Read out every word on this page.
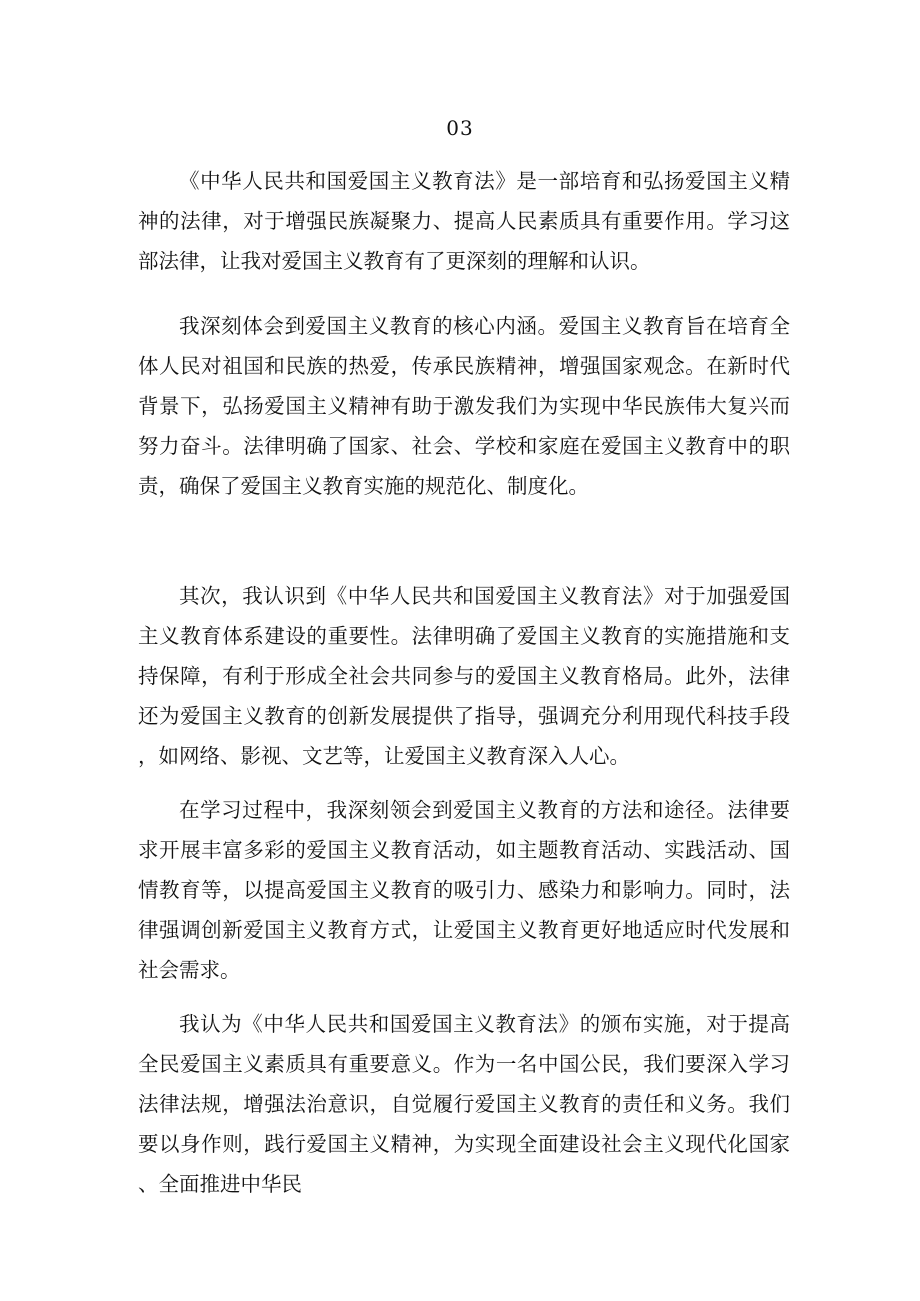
03

《中华人民共和国爱国主义教育法》是一部培育和弘扬爱国主义精神的法律，对于增强民族凝聚力、提高人民素质具有重要作用。学习这部法律，让我对爱国主义教育有了更深刻的理解和认识。

我深刻体会到爱国主义教育的核心内涵。爱国主义教育旨在培育全体人民对祖国和民族的热爱，传承民族精神，增强国家观念。在新时代背景下，弘扬爱国主义精神有助于激发我们为实现中华民族伟大复兴而努力奋斗。法律明确了国家、社会、学校和家庭在爱国主义教育中的职责，确保了爱国主义教育实施的规范化、制度化。

其次，我认识到《中华人民共和国爱国主义教育法》对于加强爱国主义教育体系建设的重要性。法律明确了爱国主义教育的实施措施和支持保障，有利于形成全社会共同参与的爱国主义教育格局。此外，法律还为爱国主义教育的创新发展提供了指导，强调充分利用现代科技手段，如网络、影视、文艺等，让爱国主义教育深入人心。

在学习过程中，我深刻领会到爱国主义教育的方法和途径。法律要求开展丰富多彩的爱国主义教育活动，如主题教育活动、实践活动、国情教育等，以提高爱国主义教育的吸引力、感染力和影响力。同时，法律强调创新爱国主义教育方式，让爱国主义教育更好地适应时代发展和社会需求。

我认为《中华人民共和国爱国主义教育法》的颁布实施，对于提高全民爱国主义素质具有重要意义。作为一名中国公民，我们要深入学习法律法规，增强法治意识，自觉履行爱国主义教育的责任和义务。我们要以身作则，践行爱国主义精神，为实现全面建设社会主义现代化国家、全面推进中华民
